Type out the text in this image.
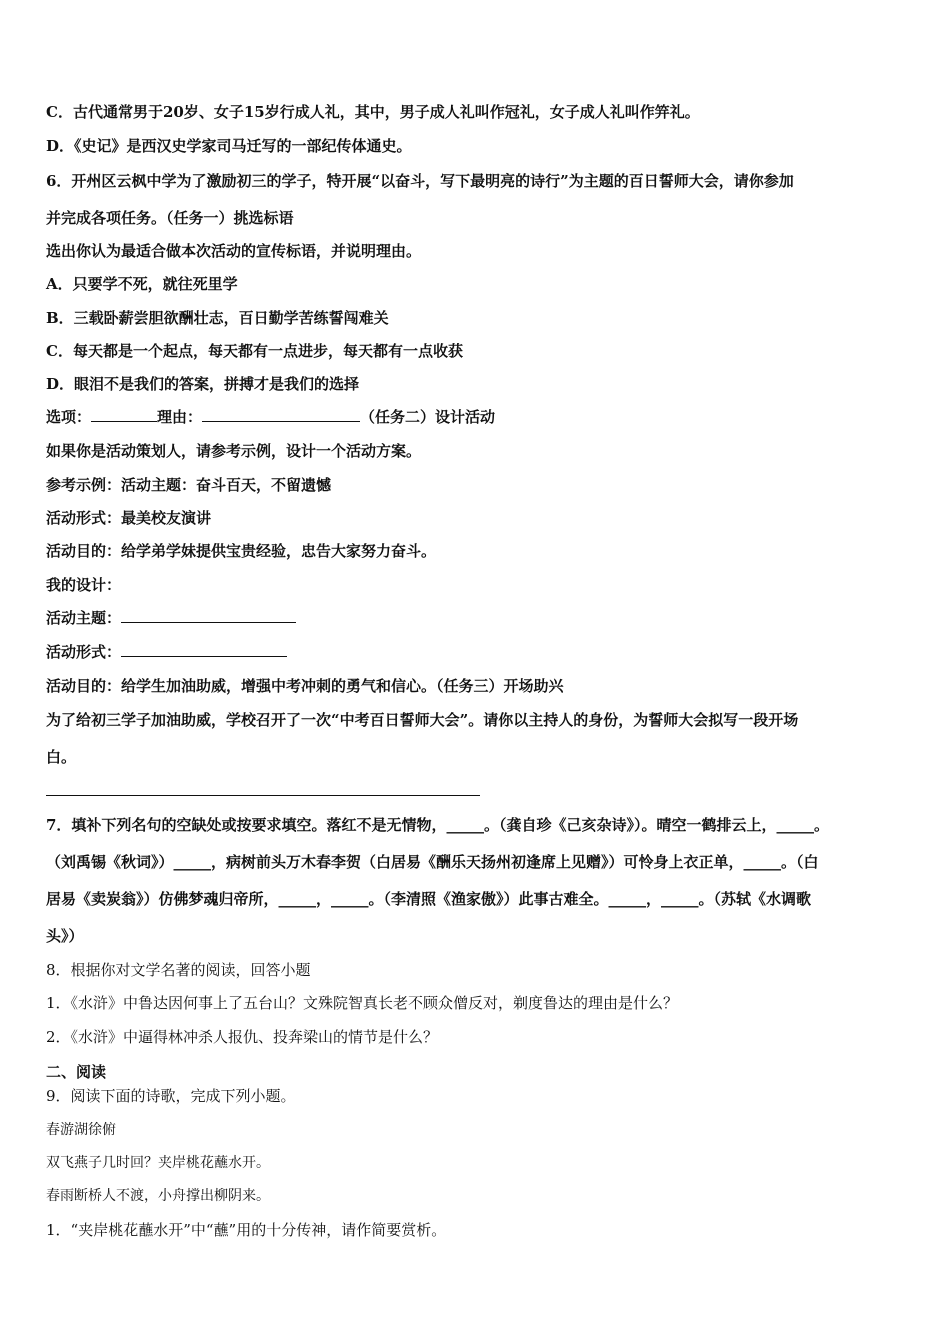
C．古代通常男于20岁、女子15岁行成人礼，其中，男子成人礼叫作冠礼，女子成人礼叫作笄礼。
D．《史记》是西汉史学家司马迁写的一部纪传体通史。
6．开州区云枫中学为了激励初三的学子，特开展“以奋斗，写下最明亮的诗行”为主题的百日誓师大会，请你参加
并完成各项任务。（任务一）挑选标语
选出你认为最适合做本次活动的宣传标语，并说明理由。
A．只要学不死，就往死里学
B．三载卧薪尝胆欲酬壮志，百日勤学苦练誓闯难关
C．每天都是一个起点，每天都有一点进步，每天都有一点收获
D．眼泪不是我们的答案，拼搏才是我们的选择
选项：	理由：	（任务二）设计活动
如果你是活动策划人，请参考示例，设计一个活动方案。
参考示例：活动主题：奋斗百天，不留遗憾
活动形式：最美校友演讲
活动目的：给学弟学妹提供宝贵经验，忠告大家努力奋斗。
我的设计：
活动主题：
活动形式：
活动目的：给学生加油助威，增强中考冲刺的勇气和信心。（任务三）开场助兴
为了给初三学子加油助威，学校召开了一次“中考百日誓师大会”。请你以主持人的身份，为誓师大会拟写一段开场
白。
7．填补下列名句的空缺处或按要求填空。落红不是无情物，_____。（龚自珍《己亥杂诗》）。晴空一鹤排云上，_____。
（刘禹锡《秋词》）_____，病树前头万木春李贺（白居易《酬乐天扬州初逢席上见赠》）可怜身上衣正单，_____。（白
居易《卖炭翁》）仿佛梦魂归帝所，_____，_____。（李清照《渔家傲》）此事古难全。_____，_____。（苏轼《水调歌
头》）
8．根据你对文学名著的阅读，回答小题
1．《水浒》中鲁达因何事上了五台山？文殊院智真长老不顾众僧反对，剃度鲁达的理由是什么？
2．《水浒》中逼得林冲杀人报仇、投奔梁山的情节是什么？
二、阅读
9．阅读下面的诗歌，完成下列小题。
春游湖徐俯
双飞燕子几时回？夹岸桃花蘸水开。
春雨断桥人不渡，小舟撑出柳阴来。
1．“夹岸桃花蘸水开”中“蘸”用的十分传神，请作简要赏析。
